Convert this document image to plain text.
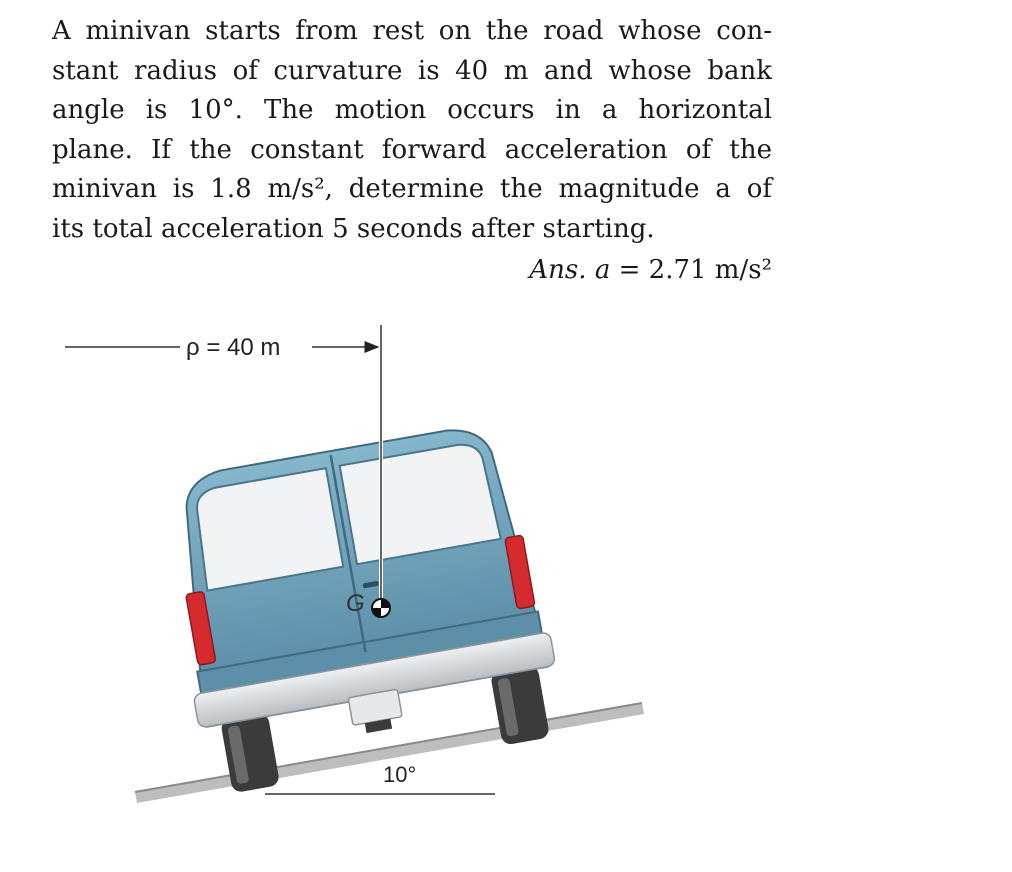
A minivan starts from rest on the road whose con-
stant radius of curvature is 40 m and whose bank
angle is 10°. The motion occurs in a horizontal
plane. If the constant forward acceleration of the
minivan is 1.8 m/s², determine the magnitude a of
its total acceleration 5 seconds after starting.
Ans. a = 2.71 m/s²
ρ = 40 m
10°
G
